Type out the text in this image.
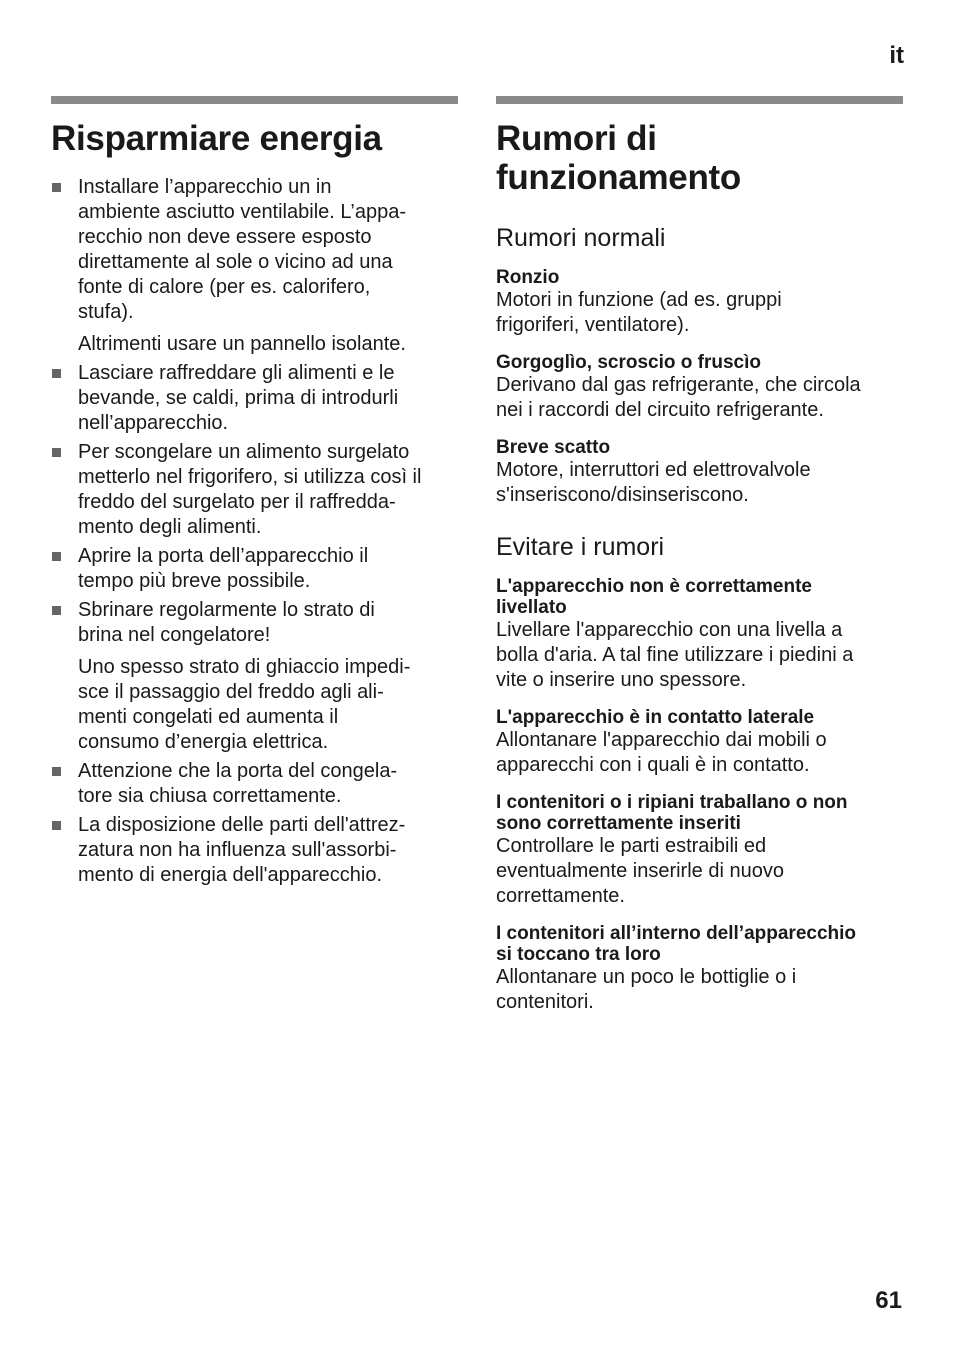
it
Risparmiare energia
Installare l’apparecchio un in
ambiente asciutto ventilabile. L’appa-
recchio non deve essere esposto
direttamente al sole o vicino ad una
fonte di calore (per es. calorifero,
stufa).
Altrimenti usare un pannello isolante.
Lasciare raffreddare gli alimenti e le
bevande, se caldi, prima di introdurli
nell’apparecchio.
Per scongelare un alimento surgelato
metterlo nel frigorifero, si utilizza così il
freddo del surgelato per il raffredda-
mento degli alimenti.
Aprire la porta dell’apparecchio il
tempo più breve possibile.
Sbrinare regolarmente lo strato di
brina nel congelatore!
Uno spesso strato di ghiaccio impedi-
sce il passaggio del freddo agli ali-
menti congelati ed aumenta il
consumo d’energia elettrica.
Attenzione che la porta del congela-
tore sia chiusa correttamente.
La disposizione delle parti dell'attrez-
zatura non ha influenza sull'assorbi-
mento di energia dell'apparecchio.
Rumori di
funzionamento
Rumori normali
Ronzio
Motori in funzione (ad es. gruppi
frigoriferi, ventilatore).
Gorgoglìo, scroscio o fruscìo
Derivano dal gas refrigerante, che circola
nei i raccordi del circuito refrigerante.
Breve scatto
Motore, interruttori ed elettrovalvole
s'inseriscono/disinseriscono.
Evitare i rumori
L'apparecchio non è correttamente
livellato
Livellare l'apparecchio con una livella a
bolla d'aria. A tal fine utilizzare i piedini a
vite o inserire uno spessore.
L'apparecchio è in contatto laterale
Allontanare l'apparecchio dai mobili o
apparecchi con i quali è in contatto.
I contenitori o i ripiani traballano o non
sono correttamente inseriti
Controllare le parti estraibili ed
eventualmente inserirle di nuovo
correttamente.
I contenitori all’interno dell’apparecchio
si toccano tra loro
Allontanare un poco le bottiglie o i
contenitori.
61
